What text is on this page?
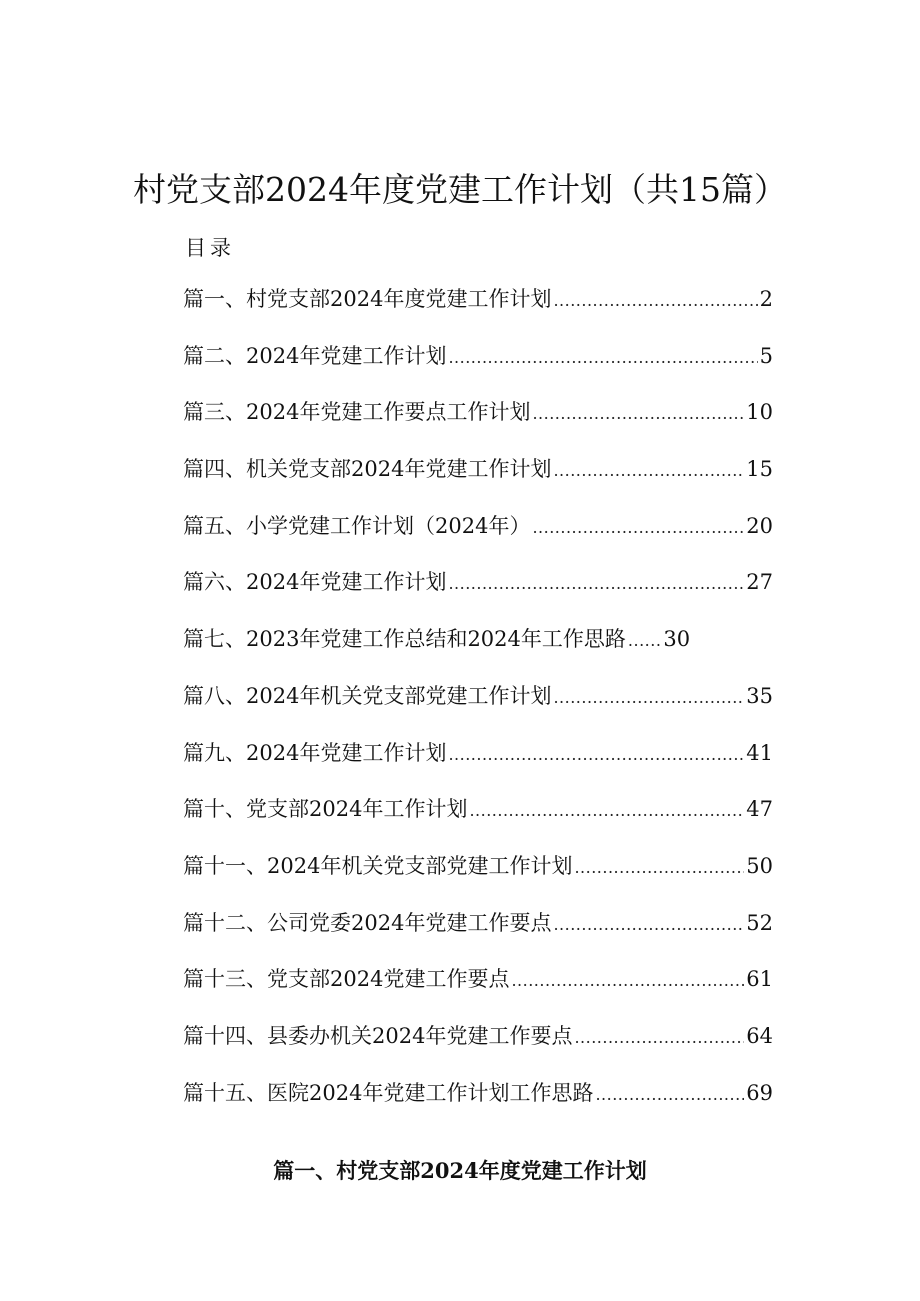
村党支部2024年度党建工作计划（共15篇）
目录
篇一、村党支部2024年度党建工作计划 .....	2
篇二、2024年党建工作计划 .....	5
篇三、2024年党建工作要点工作计划 .....	10
篇四、机关党支部2024年党建工作计划 .....	15
篇五、小学党建工作计划（2024年） .....	20
篇六、2024年党建工作计划 .....	27
篇七、2023年党建工作总结和2024年工作思路 ...... 30
篇八、2024年机关党支部党建工作计划 .....	35
篇九、2024年党建工作计划 .....	41
篇十、党支部2024年工作计划 .....	47
篇十一、2024年机关党支部党建工作计划 .....	50
篇十二、公司党委2024年党建工作要点 .....	52
篇十三、党支部2024党建工作要点 .....	61
篇十四、县委办机关2024年党建工作要点 .....	64
篇十五、医院2024年党建工作计划工作思路 .....	69
篇一、村党支部2024年度党建工作计划
